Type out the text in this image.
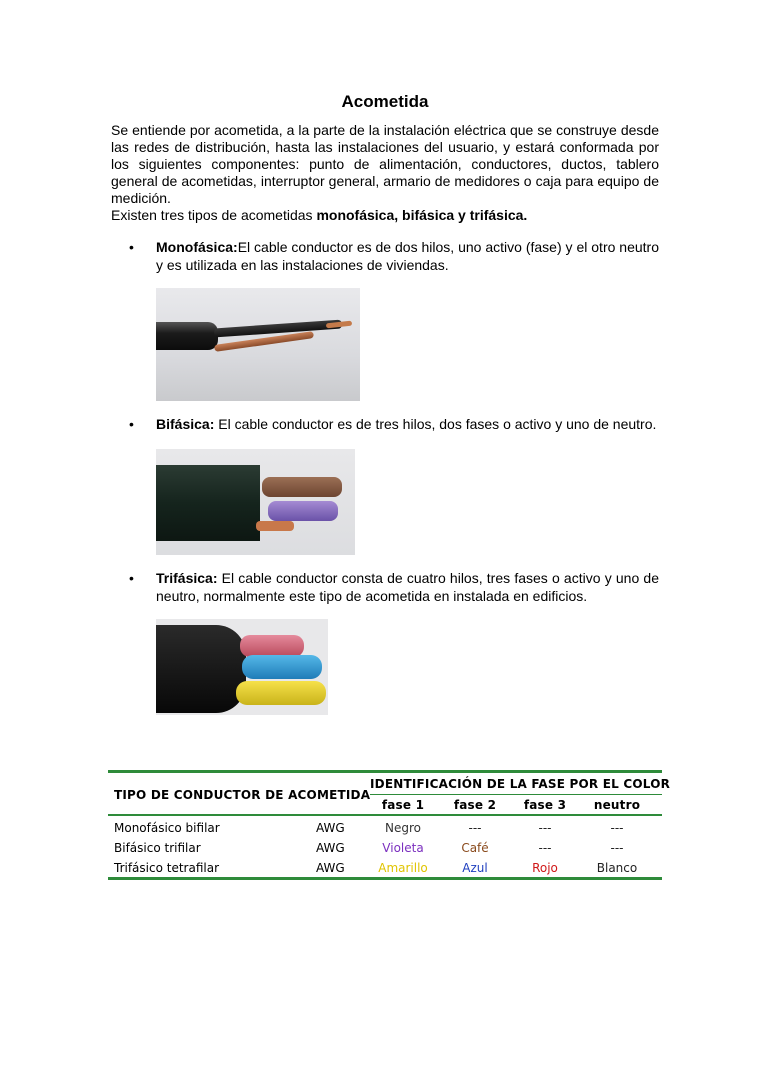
Acometida

Se entiende por acometida, a la parte de la instalación eléctrica que se construye desde las redes de distribución, hasta las instalaciones del usuario, y estará conformada por los siguientes componentes: punto de alimentación, conductores, ductos, tablero general de acometidas, interruptor general, armario de medidores o caja para equipo de medición.
Existen tres tipos de acometidas monofásica, bifásica y trifásica.

• Monofásica:El cable conductor es de dos hilos, uno activo (fase) y el otro neutro y es utilizada en las instalaciones de viviendas.
• Bifásica: El cable conductor es de tres hilos, dos fases o activo y uno de neutro.
• Trifásica: El cable conductor consta de cuatro hilos, tres fases o activo y uno de neutro, normalmente este tipo de acometida en instalada en edificios.
TIPO DE CONDUCTOR DE ACOMETIDA
IDENTIFICACIÓN DE LA FASE POR EL COLOR
fase 1	fase 2	fase 3	neutro
Monofásico bifilar	AWG	Negro	---	---	---
Bifásico trifilar	AWG	Violeta	Café	---	---
Trifásico tetrafilar	AWG	Amarillo	Azul	Rojo	Blanco
